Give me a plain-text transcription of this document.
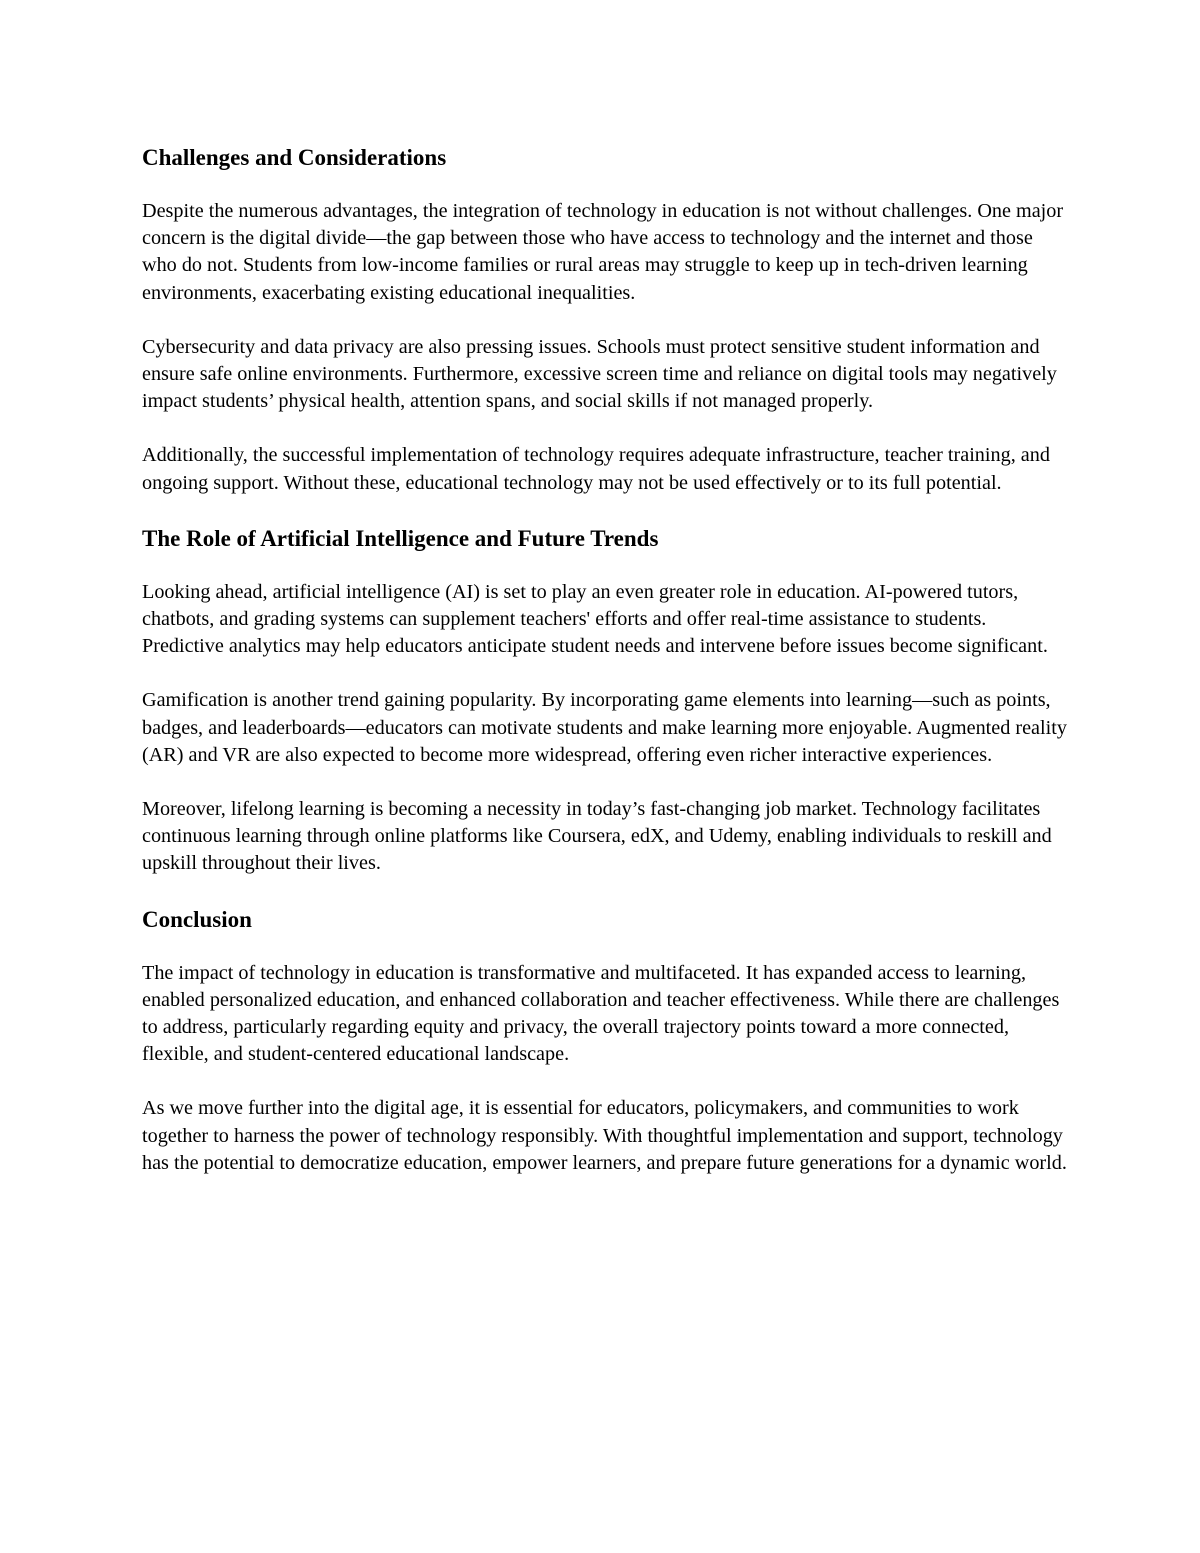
Challenges and Considerations

Despite the numerous advantages, the integration of technology in education is not without challenges. One major concern is the digital divide—the gap between those who have access to technology and the internet and those who do not. Students from low-income families or rural areas may struggle to keep up in tech-driven learning environments, exacerbating existing educational inequalities.

Cybersecurity and data privacy are also pressing issues. Schools must protect sensitive student information and ensure safe online environments. Furthermore, excessive screen time and reliance on digital tools may negatively impact students’ physical health, attention spans, and social skills if not managed properly.

Additionally, the successful implementation of technology requires adequate infrastructure, teacher training, and ongoing support. Without these, educational technology may not be used effectively or to its full potential.

The Role of Artificial Intelligence and Future Trends

Looking ahead, artificial intelligence (AI) is set to play an even greater role in education. AI-powered tutors, chatbots, and grading systems can supplement teachers' efforts and offer real-time assistance to students. Predictive analytics may help educators anticipate student needs and intervene before issues become significant.

Gamification is another trend gaining popularity. By incorporating game elements into learning—such as points, badges, and leaderboards—educators can motivate students and make learning more enjoyable. Augmented reality (AR) and VR are also expected to become more widespread, offering even richer interactive experiences.

Moreover, lifelong learning is becoming a necessity in today’s fast-changing job market. Technology facilitates continuous learning through online platforms like Coursera, edX, and Udemy, enabling individuals to reskill and upskill throughout their lives.

Conclusion

The impact of technology in education is transformative and multifaceted. It has expanded access to learning, enabled personalized education, and enhanced collaboration and teacher effectiveness. While there are challenges to address, particularly regarding equity and privacy, the overall trajectory points toward a more connected, flexible, and student-centered educational landscape.

As we move further into the digital age, it is essential for educators, policymakers, and communities to work together to harness the power of technology responsibly. With thoughtful implementation and support, technology has the potential to democratize education, empower learners, and prepare future generations for a dynamic world.
